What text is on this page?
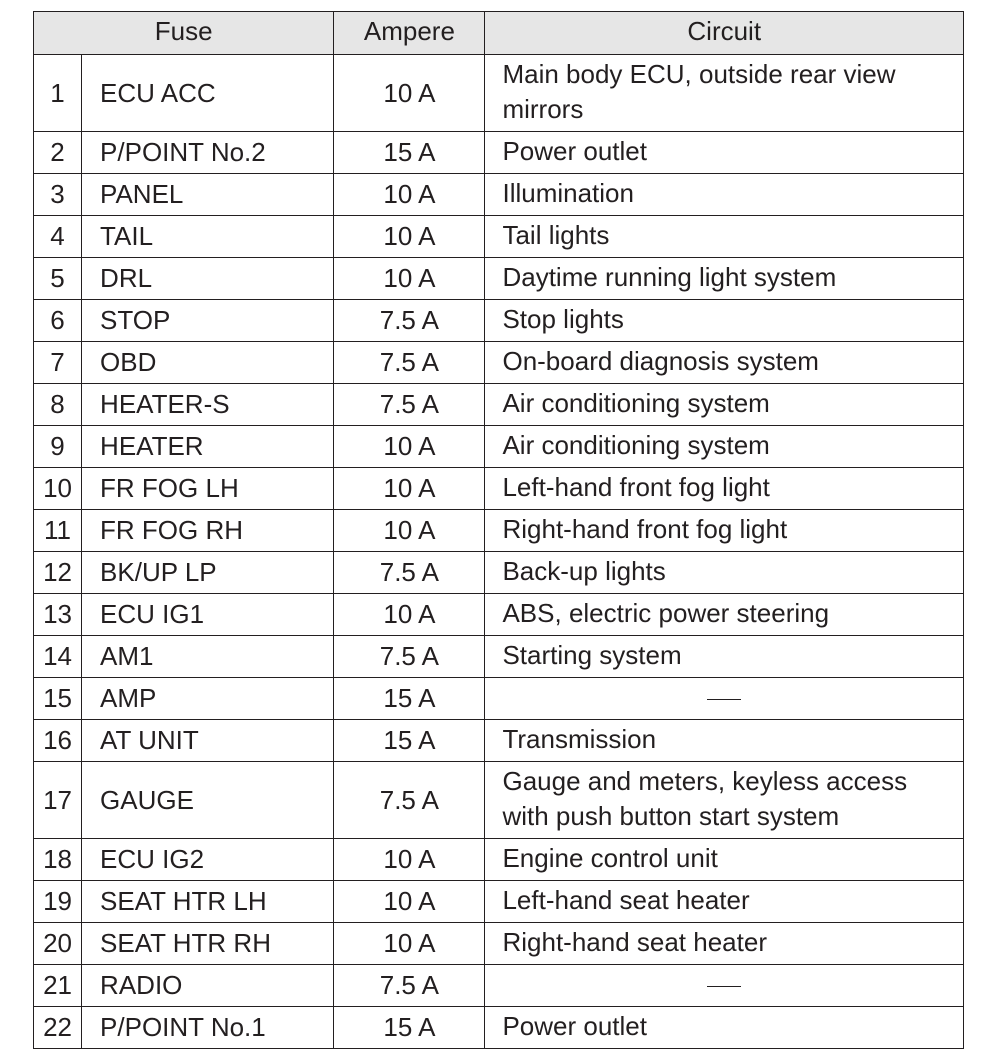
Fuse		Ampere	Circuit
1	ECU ACC	10 A	Main body ECU, outside rear view mirrors
2	P/POINT No.2	15 A	Power outlet
3	PANEL	10 A	Illumination
4	TAIL	10 A	Tail lights
5	DRL	10 A	Daytime running light system
6	STOP	7.5 A	Stop lights
7	OBD	7.5 A	On-board diagnosis system
8	HEATER-S	7.5 A	Air conditioning system
9	HEATER	10 A	Air conditioning system
10	FR FOG LH	10 A	Left-hand front fog light
11	FR FOG RH	10 A	Right-hand front fog light
12	BK/UP LP	7.5 A	Back-up lights
13	ECU IG1	10 A	ABS, electric power steering
14	AM1	7.5 A	Starting system
15	AMP	15 A	
16	AT UNIT	15 A	Transmission
17	GAUGE	7.5 A	Gauge and meters, keyless access with push button start system
18	ECU IG2	10 A	Engine control unit
19	SEAT HTR LH	10 A	Left-hand seat heater
20	SEAT HTR RH	10 A	Right-hand seat heater
21	RADIO	7.5 A	
22	P/POINT No.1	15 A	Power outlet
